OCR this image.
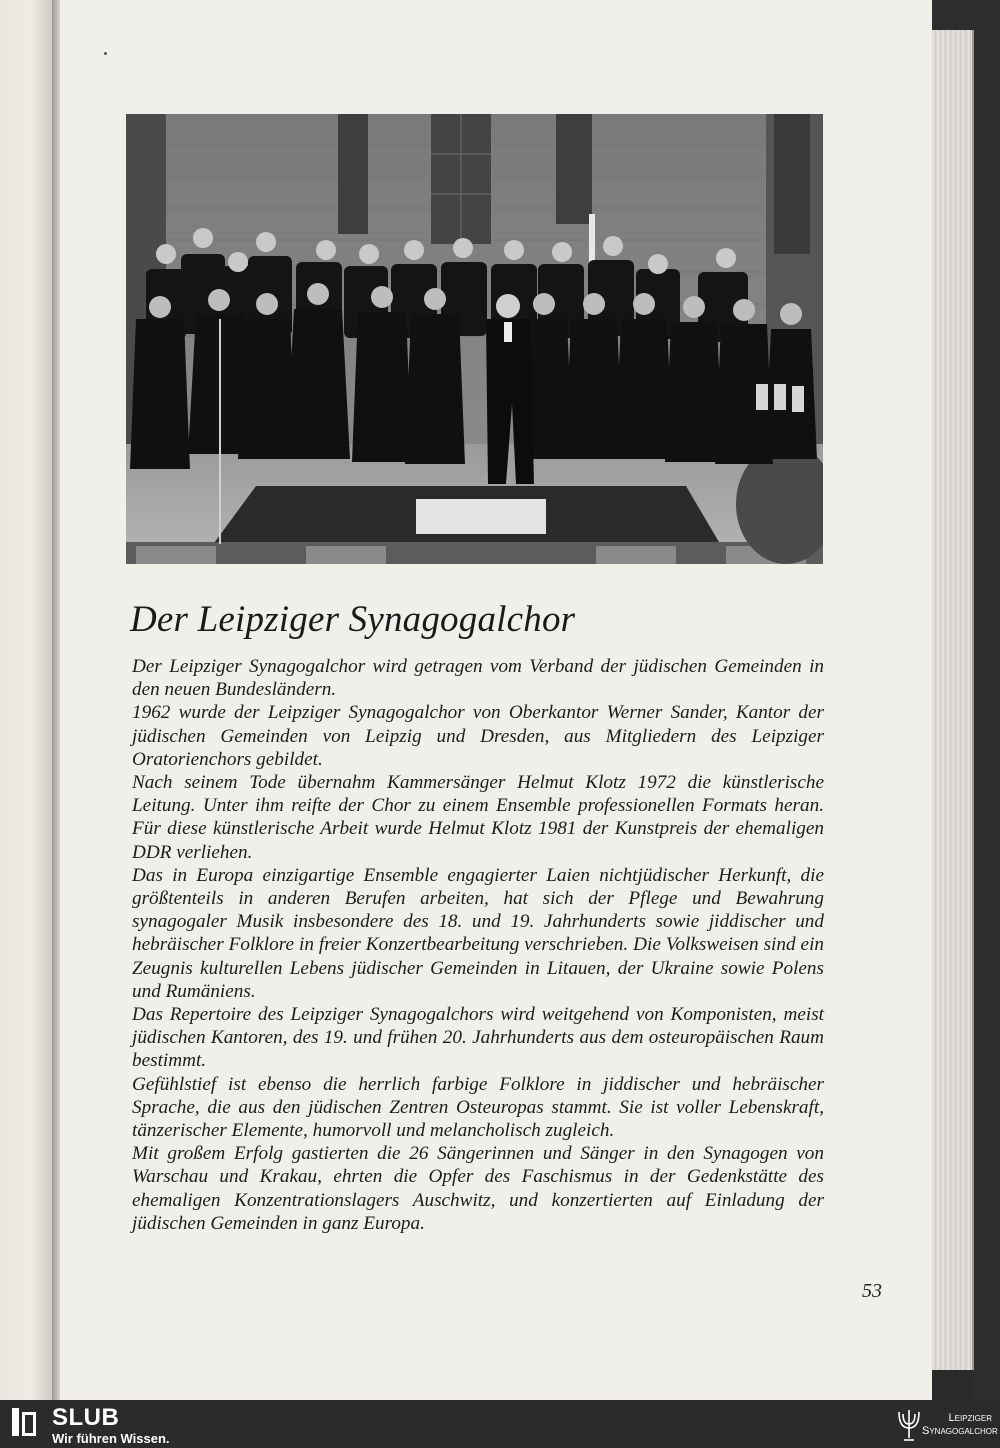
Der Leipziger Synagogalchor

Der Leipziger Synagogalchor wird getragen vom Verband der jüdischen Gemeinden in den neuen Bundesländern.

1962 wurde der Leipziger Synagogalchor von Oberkantor Werner Sander, Kantor der jüdischen Gemeinden von Leipzig und Dresden, aus Mitgliedern des Leipziger Oratorienchors gebildet.

Nach seinem Tode übernahm Kammersänger Helmut Klotz 1972 die künstlerische Leitung. Unter ihm reifte der Chor zu einem Ensemble professionellen Formats heran. Für diese künstlerische Arbeit wurde Helmut Klotz 1981 der Kunstpreis der ehemaligen DDR verliehen.

Das in Europa einzigartige Ensemble engagierter Laien nichtjüdischer Herkunft, die größtenteils in anderen Berufen arbeiten, hat sich der Pflege und Bewahrung synagogaler Musik insbesondere des 18. und 19. Jahrhunderts sowie jiddischer und hebräischer Folklore in freier Konzertbearbeitung verschrieben. Die Volksweisen sind ein Zeugnis kulturellen Lebens jüdischer Gemeinden in Litauen, der Ukraine sowie Polens und Rumäniens.

Das Repertoire des Leipziger Synagogalchors wird weitgehend von Komponisten, meist jüdischen Kantoren, des 19. und frühen 20. Jahrhunderts aus dem osteuropäischen Raum bestimmt.

Gefühlstief ist ebenso die herrlich farbige Folklore in jiddischer und hebräischer Sprache, die aus den jüdischen Zentren Osteuropas stammt. Sie ist voller Lebenskraft, tänzerischer Elemente, humorvoll und melancholisch zugleich.

Mit großem Erfolg gastierten die 26 Sängerinnen und Sänger in den Synagogen von Warschau und Krakau, ehrten die Opfer des Faschismus in der Gedenkstätte des ehemaligen Konzentrationslagers Auschwitz, und konzertierten auf Einladung der jüdischen Gemeinden in ganz Europa.

53
SLUB
Wir führen Wissen.
Leipziger
Synagogalchor
